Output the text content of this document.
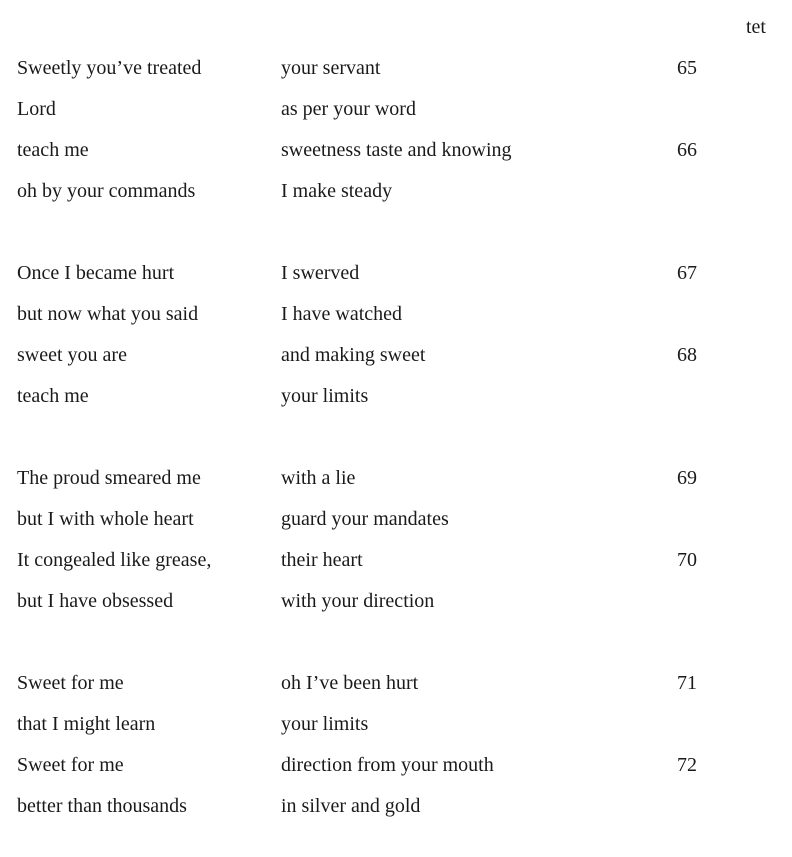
tet
Sweetly you’ve treated	your servant	65
Lord	as per your word
teach me	sweetness taste and knowing	66
oh by your commands	I make steady
Once I became hurt	I swerved	67
but now what you said	I have watched
sweet you are	and making sweet	68
teach me	your limits
The proud smeared me	with a lie	69
but I with whole heart	guard your mandates
It congealed like grease,	their heart	70
but I have obsessed	with your direction
Sweet for me	oh I’ve been hurt	71
that I might learn	your limits
Sweet for me	direction from your mouth	72
better than thousands	in silver and gold
